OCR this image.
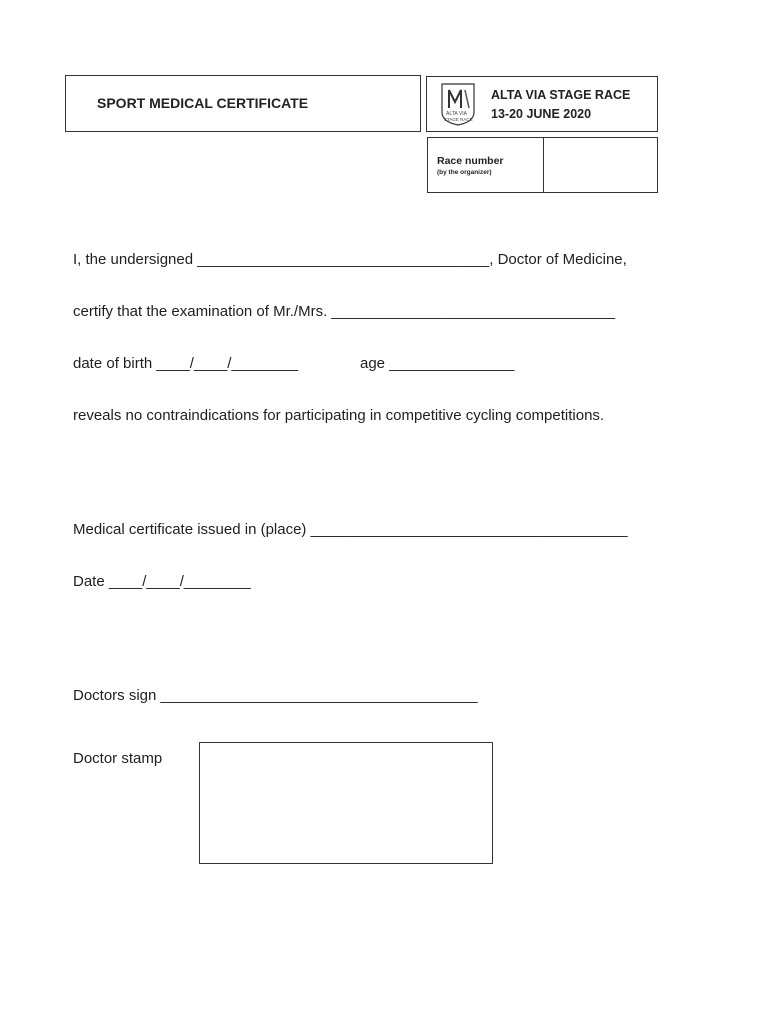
SPORT MEDICAL CERTIFICATE
ALTA VIA
STAGE RACE
ALTA VIA STAGE RACE
13-20 JUNE 2020
Race number
(by the organizer)
I, the undersigned ___________________________________, Doctor of Medicine,
certify that the examination of Mr./Mrs. __________________________________
date of birth ____/____/________	age _______________
reveals no contraindications for participating in competitive cycling competitions.
Medical certificate issued in (place) ______________________________________
Date ____/____/________
Doctors sign ______________________________________
Doctor stamp
